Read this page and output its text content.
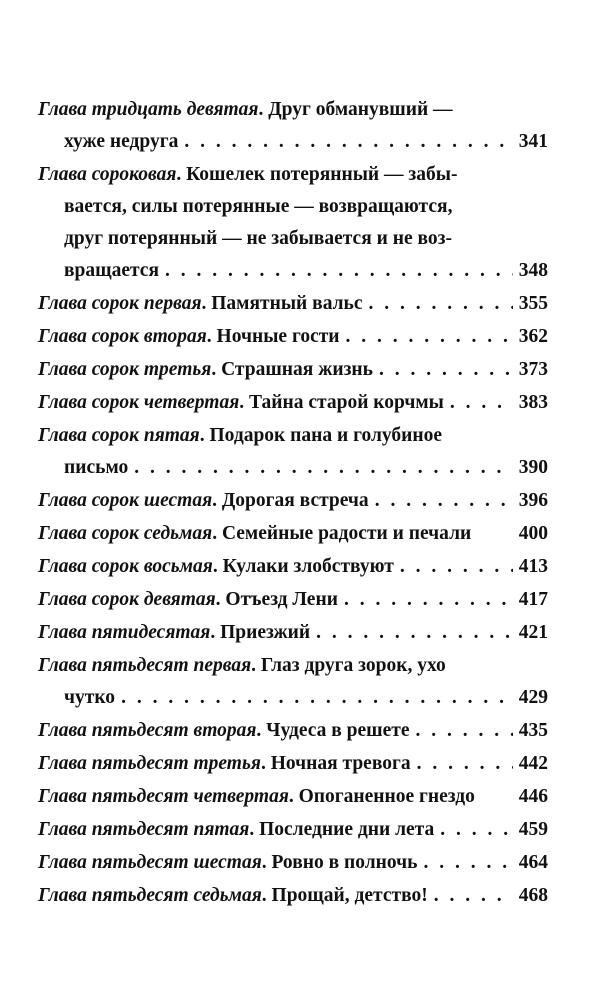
Глава тридцать девятая . Друг обманувший —
хуже недруга . . .	341
Глава сороковая . Кошелек потерянный — забы-
вается, силы потерянные — возвращаются,
друг потерянный — не забывается и не воз-
вращается . . .	348
Глава сорок первая . Памятный вальс . . .	355
Глава сорок вторая . Ночные гости . . .	362
Глава сорок третья . Страшная жизнь . . .	373
Глава сорок четвертая . Тайна старой корчмы . . .	383
Глава сорок пятая . Подарок пана и голубиное
письмо . . .	390
Глава сорок шестая . Дорогая встреча . . .	396
Глава сорок седьмая . Семейные радости и печали 400
Глава сорок восьмая . Кулаки злобствуют . . .	413
Глава сорок девятая . Отъезд Лени . . .	417
Глава пятидесятая . Приезжий . . .	421
Глава пятьдесят первая . Глаз друга зорок, ухо
чутко . . .	429
Глава пятьдесят вторая . Чудеса в решете . . .	435
Глава пятьдесят третья . Ночная тревога . . .	442
Глава пятьдесят четвертая . Опоганенное гнездо 446
Глава пятьдесят пятая . Последние дни лета . . .	459
Глава пятьдесят шестая . Ровно в полночь . . .	464
Глава пятьдесят седьмая . Прощай, детство! . . .	468
